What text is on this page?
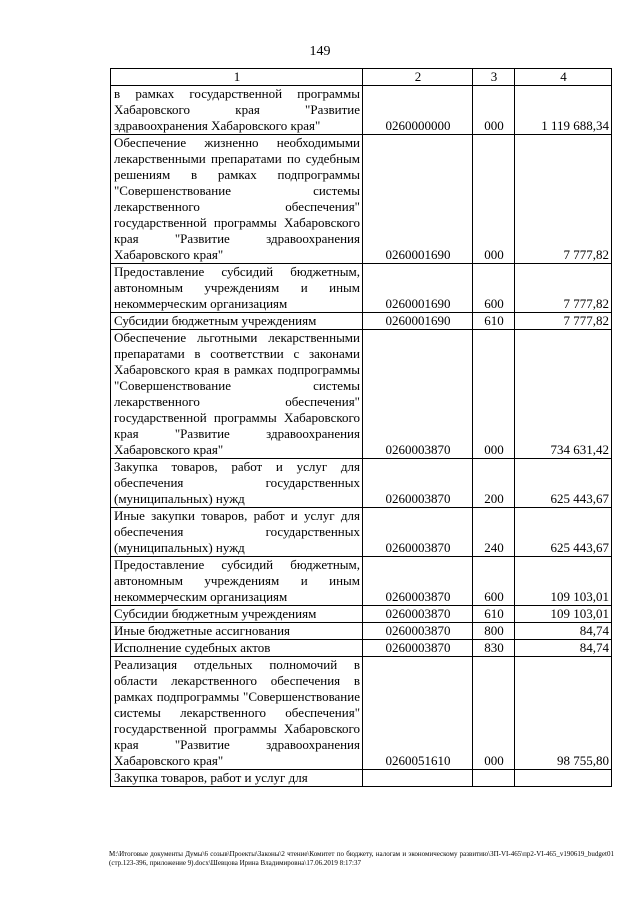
149
1	2	3	4
в рамках государственной программы Хабаровского края "Развитие здравоохранения Хабаровского края"	0260000000	000	1 119 688,34
Обеспечение жизненно необходимыми лекарственными препаратами по судебным решениям в рамках подпрограммы "Совершенствование системы лекарственного обеспечения" государственной программы Хабаровского края "Развитие здравоохранения Хабаровского края"	0260001690	000	7 777,82
Предоставление субсидий бюджетным, автономным учреждениям и иным некоммерческим организациям	0260001690	600	7 777,82
Субсидии бюджетным учреждениям	0260001690	610	7 777,82
Обеспечение льготными лекарственными препаратами в соответствии с законами Хабаровского края в рамках подпрограммы "Совершенствование системы лекарственного обеспечения" государственной программы Хабаровского края "Развитие здравоохранения Хабаровского края"	0260003870	000	734 631,42
Закупка товаров, работ и услуг для обеспечения государственных (муниципальных) нужд	0260003870	200	625 443,67
Иные закупки товаров, работ и услуг для обеспечения государственных (муниципальных) нужд	0260003870	240	625 443,67
Предоставление субсидий бюджетным, автономным учреждениям и иным некоммерческим организациям	0260003870	600	109 103,01
Субсидии бюджетным учреждениям	0260003870	610	109 103,01
Иные бюджетные ассигнования	0260003870	800	84,74
Исполнение судебных актов	0260003870	830	84,74
Реализация отдельных полномочий в области лекарственного обеспечения в рамках подпрограммы "Совершенствование системы лекарственного обеспечения" государственной программы Хабаровского края "Развитие здравоохранения Хабаровского края"	0260051610	000	98 755,80
Закупка товаров, работ и услуг для			
M:\Итоговые документы Думы\6 созыв\Проекты\Законы\2 чтение\Комитет по бюджету, налогам и экономическому развитию\ЗП-VI-465\пр2-VI-465_v190619_budget01 (стр.123-396, приложение 9).docx\Шевцова Ирина Владимировна\17.06.2019 8:17:37
